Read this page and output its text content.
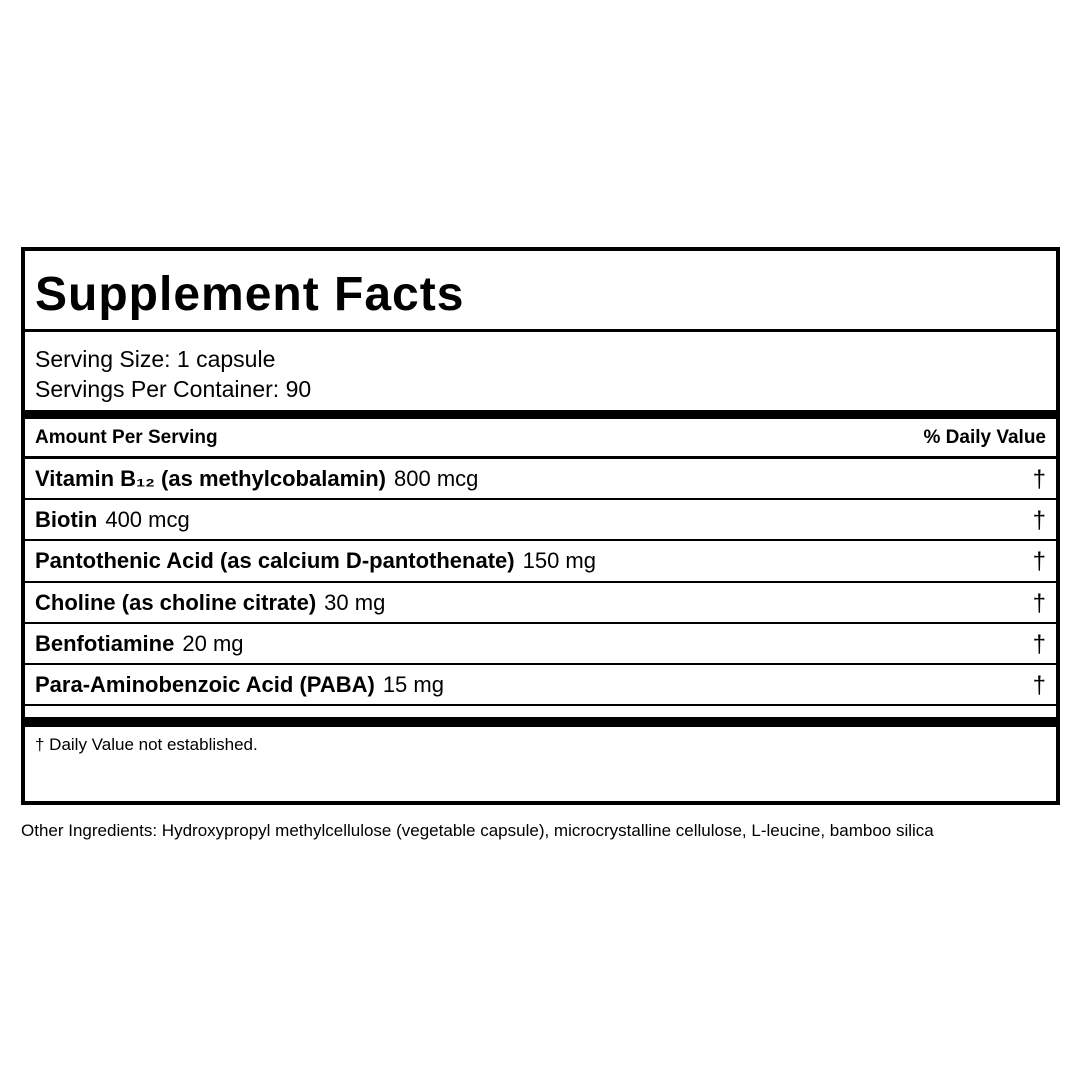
Supplement Facts
Serving Size: 1 capsule
Servings Per Container: 90
Amount Per Serving	% Daily Value
Vitamin B₁₂ (as methylcobalamin) 800 mcg	†
Biotin 400 mcg	†
Pantothenic Acid (as calcium D-pantothenate) 150 mg	†
Choline (as choline citrate) 30 mg	†
Benfotiamine 20 mg	†
Para-Aminobenzoic Acid (PABA) 15 mg	†
† Daily Value not established.
Other Ingredients: Hydroxypropyl methylcellulose (vegetable capsule), microcrystalline cellulose, L-leucine, bamboo silica
